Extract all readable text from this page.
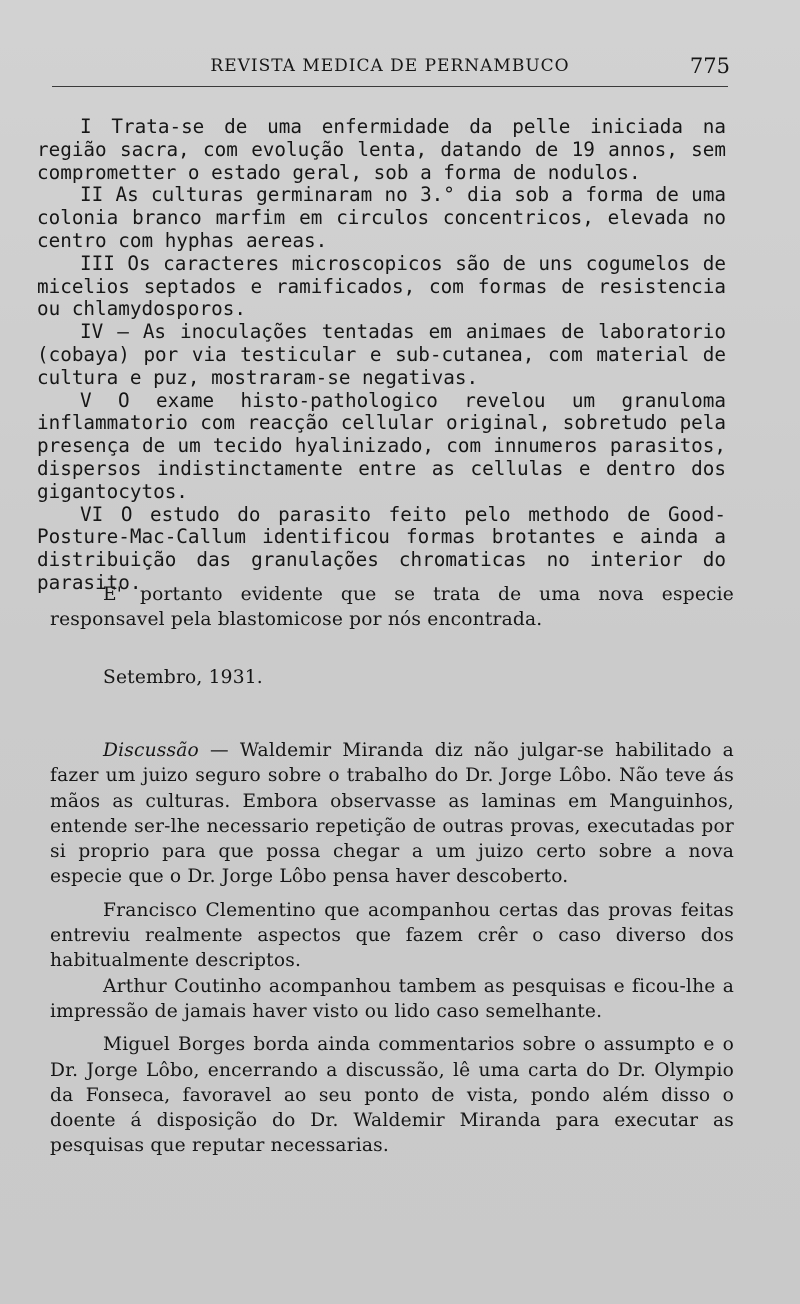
REVISTA MEDICA DE PERNAMBUCO	775

I Trata-se de uma enfermidade da pelle iniciada na região sacra, com evolução lenta, datando de 19 annos, sem comprometter o estado geral, sob a forma de nodulos.

II As culturas germinaram no 3.° dia sob a forma de uma colonia branco marfim em circulos concentricos, elevada no centro com hyphas aereas.

III Os caracteres microscopicos são de uns cogumelos de micelios septados e ramificados, com formas de resistencia ou chlamydosporos.

IV — As inoculações tentadas em animaes de laboratorio (cobaya) por via testicular e sub-cutanea, com material de cultura e puz, mostraram-se negativas.

V O exame histo-pathologico revelou um granuloma inflammatorio com reacção cellular original, sobretudo pela presença de um tecido hyalinizado, com innumeros parasitos, dispersos indistinctamente entre as cellulas e dentro dos gigantocytos.

VI O estudo do parasito feito pelo methodo de Good-Posture-Mac-Callum identificou formas brotantes e ainda a distribuição das granulações chromaticas no interior do parasito.

E' portanto evidente que se trata de uma nova especie responsavel pela blastomicose por nós encontrada.

Setembro, 1931.

Discussão — Waldemir Miranda diz não julgar-se habilitado a fazer um juizo seguro sobre o trabalho do Dr. Jorge Lôbo. Não teve ás mãos as culturas. Embora observasse as laminas em Manguinhos, entende ser-lhe necessario repetição de outras provas, executadas por si proprio para que possa chegar a um juizo certo sobre a nova especie que o Dr. Jorge Lôbo pensa haver descoberto.

Francisco Clementino que acompanhou certas das provas feitas entreviu realmente aspectos que fazem crêr o caso diverso dos habitualmente descriptos.

Arthur Coutinho acompanhou tambem as pesquisas e ficou-lhe a impressão de jamais haver visto ou lido caso semelhante.

Miguel Borges borda ainda commentarios sobre o assumpto e o Dr. Jorge Lôbo, encerrando a discussão, lê uma carta do Dr. Olympio da Fonseca, favoravel ao seu ponto de vista, pondo além disso o doente á disposição do Dr. Waldemir Miranda para executar as pesquisas que reputar necessarias.
